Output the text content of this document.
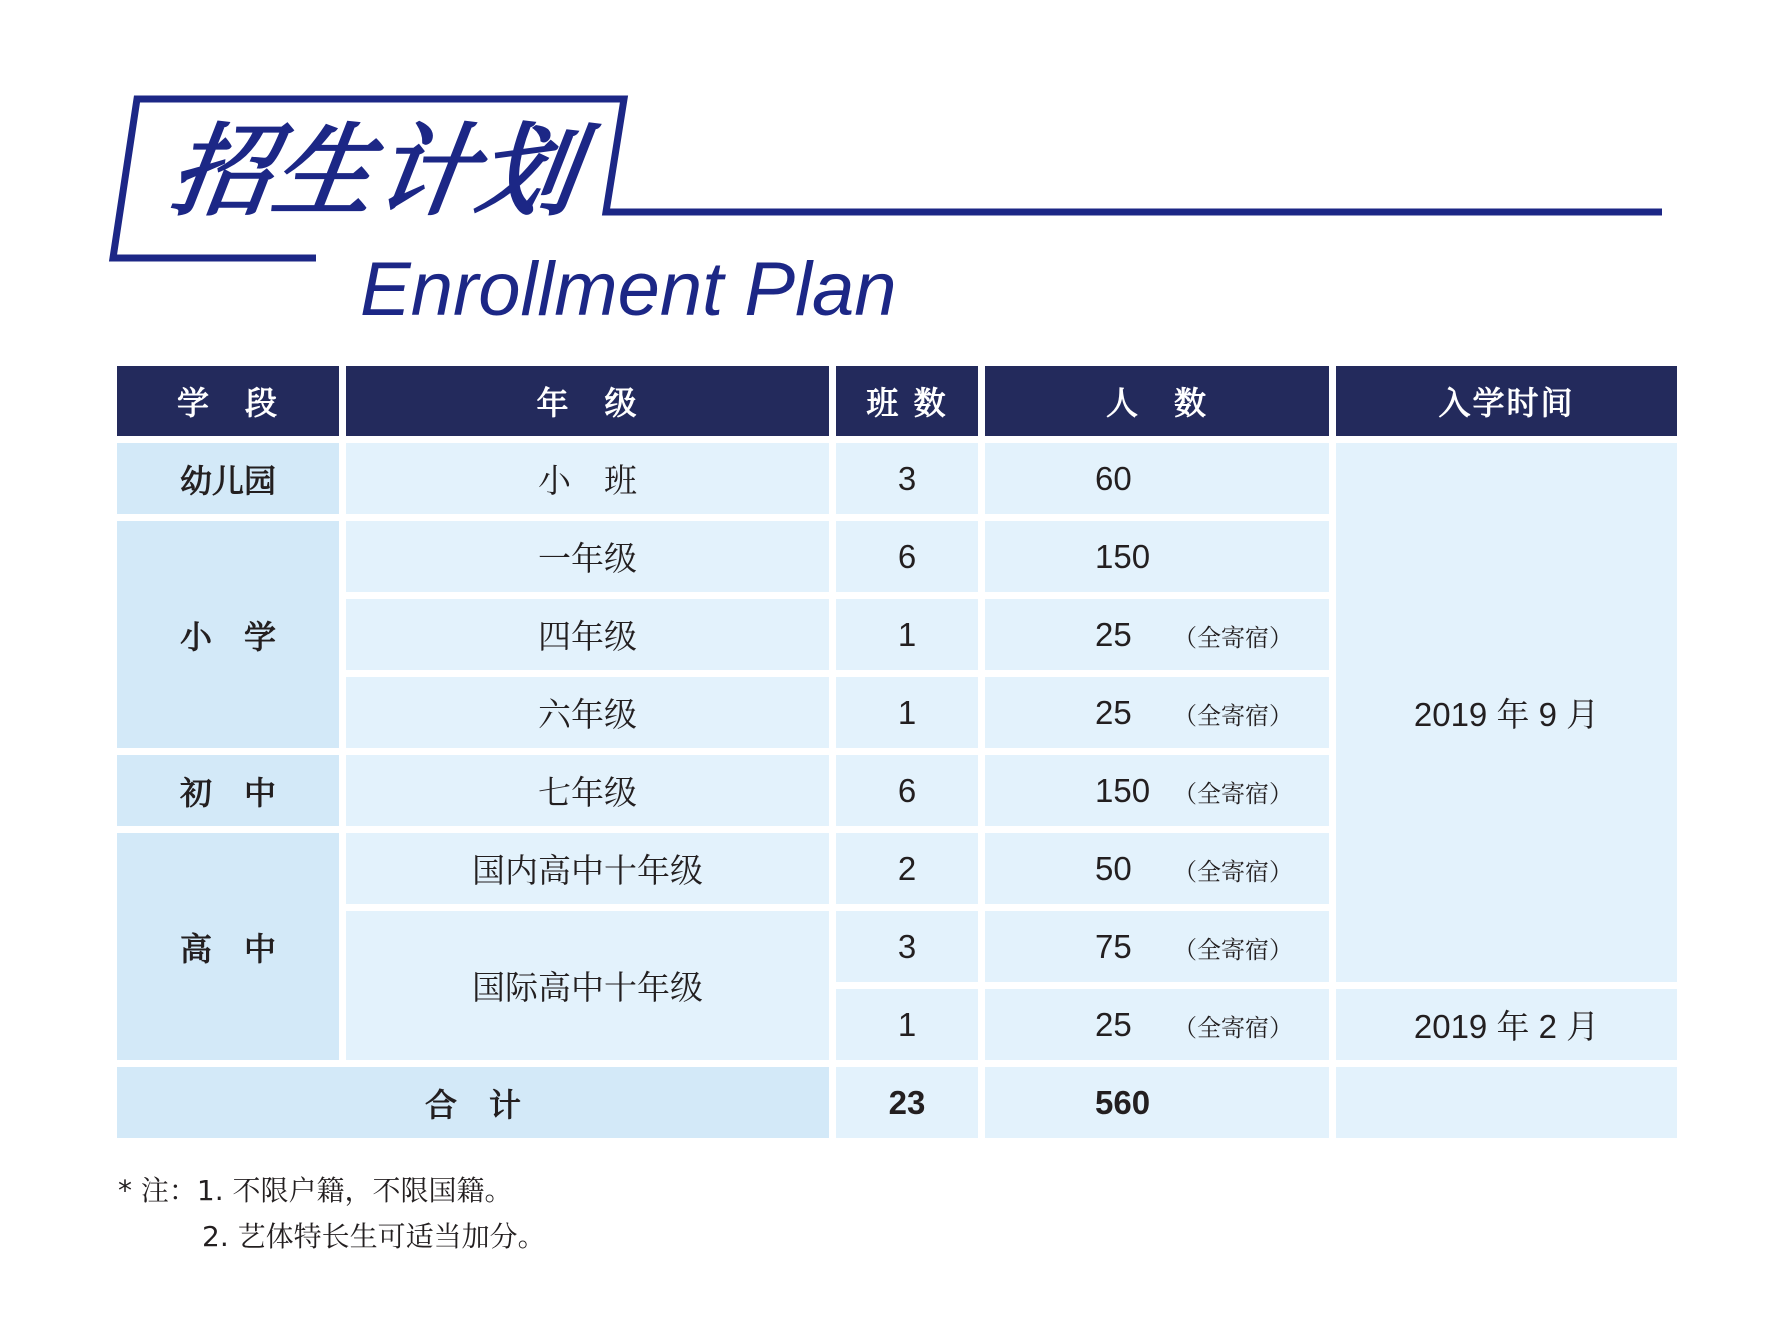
招生计划
Enrollment Plan
学　段	年　级	班 数	人　数	入学时间
幼儿园	小　班	3	60	2019 年 9 月
小　学	一年级	6	150	
	四年级	1	25 （全寄宿）	
	六年级	1	25 （全寄宿）	
初　中	七年级	6	150 （全寄宿）	
高　中	国内高中十年级	2	50 （全寄宿）	
	国际高中十年级	3	75 （全寄宿）	
		1	25 （全寄宿）	2019 年 2 月
合　计		23	560	
* 注：1. 不限户籍，不限国籍。
2. 艺体特长生可适当加分。
